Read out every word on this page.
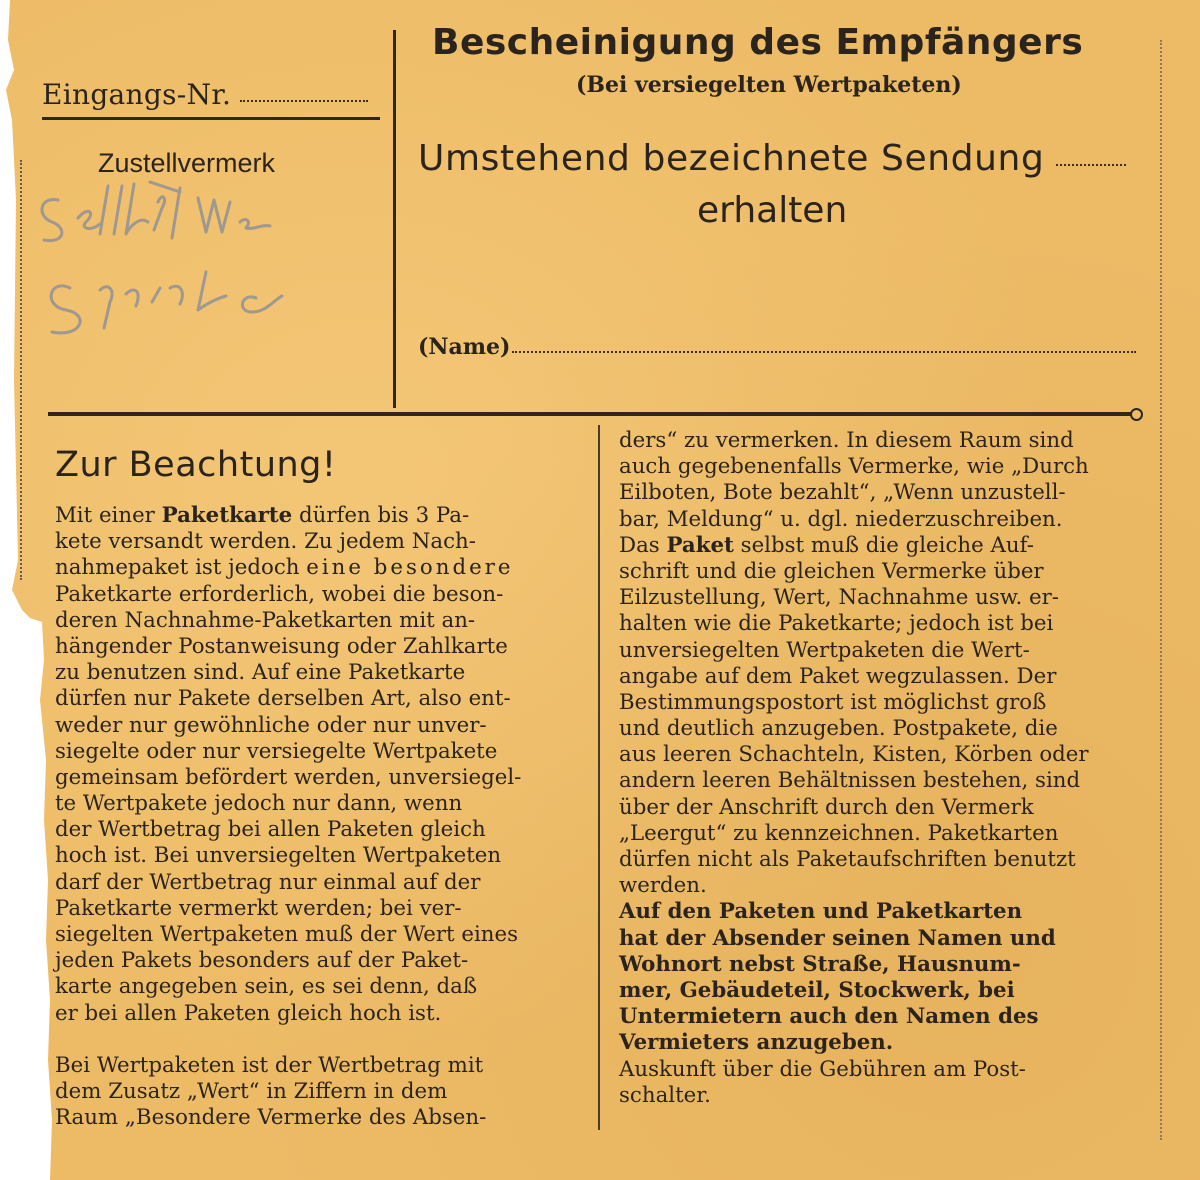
Eingangs-Nr.
Zustellvermerk
Bescheinigung des Empfängers
(Bei versiegelten Wertpaketen)
Umstehend bezeichnete Sendung
erhalten
(Name)
Zur Beachtung!
Mit einer Paketkarte dürfen bis 3 Pa-
kete versandt werden. Zu jedem Nach-
nahmepaket ist jedoch eine besondere
Paketkarte erforderlich, wobei die beson-
deren Nachnahme-Paketkarten mit an-
hängender Postanweisung oder Zahlkarte
zu benutzen sind. Auf eine Paketkarte
dürfen nur Pakete derselben Art, also ent-
weder nur gewöhnliche oder nur unver-
siegelte oder nur versiegelte Wertpakete
gemeinsam befördert werden, unversiegel-
te Wertpakete jedoch nur dann, wenn
der Wertbetrag bei allen Paketen gleich
hoch ist. Bei unversiegelten Wertpaketen
darf der Wertbetrag nur einmal auf der
Paketkarte vermerkt werden; bei ver-
siegelten Wertpaketen muß der Wert eines
jeden Pakets besonders auf der Paket-
karte angegeben sein, es sei denn, daß
er bei allen Paketen gleich hoch ist.
Bei Wertpaketen ist der Wertbetrag mit
dem Zusatz „Wert“ in Ziffern in dem
Raum „Besondere Vermerke des Absen-
ders“ zu vermerken. In diesem Raum sind
auch gegebenenfalls Vermerke, wie „Durch
Eilboten, Bote bezahlt“, „Wenn unzustell-
bar, Meldung“ u. dgl. niederzuschreiben.
Das Paket selbst muß die gleiche Auf-
schrift und die gleichen Vermerke über
Eilzustellung, Wert, Nachnahme usw. er-
halten wie die Paketkarte; jedoch ist bei
unversiegelten Wertpaketen die Wert-
angabe auf dem Paket wegzulassen. Der
Bestimmungspostort ist möglichst groß
und deutlich anzugeben. Postpakete, die
aus leeren Schachteln, Kisten, Körben oder
andern leeren Behältnissen bestehen, sind
über der Anschrift durch den Vermerk
„Leergut“ zu kennzeichnen. Paketkarten
dürfen nicht als Paketaufschriften benutzt
werden.
Auf den Paketen und Paketkarten
hat der Absender seinen Namen und
Wohnort nebst Straße, Hausnum-
mer, Gebäudeteil, Stockwerk, bei
Untermietern auch den Namen des
Vermieters anzugeben.
Auskunft über die Gebühren am Post-
schalter.
